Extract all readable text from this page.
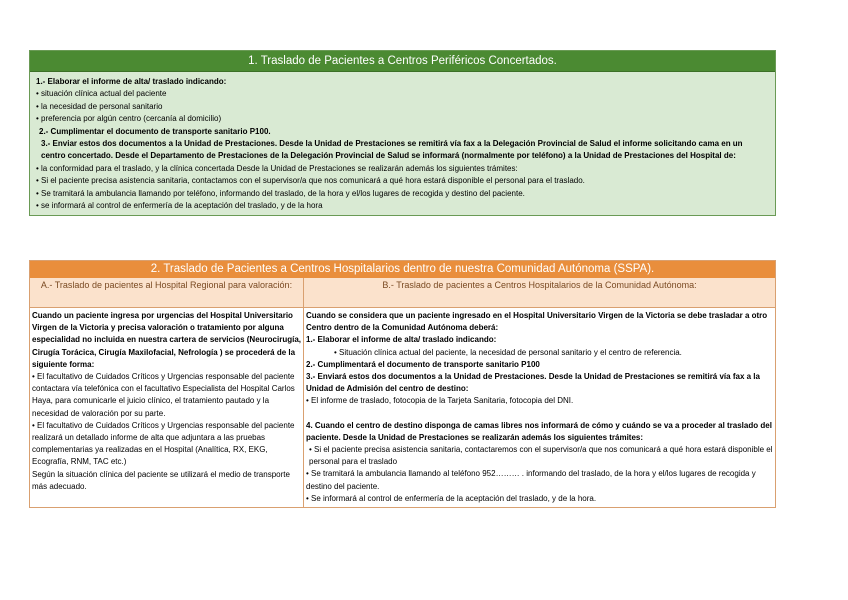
1. Traslado de Pacientes a Centros Periféricos Concertados.
1.- Elaborar el informe de alta/ traslado indicando:
• situación clínica actual del paciente
• la necesidad de personal sanitario
• preferencia por algún centro (cercanía al domicilio)
2.- Cumplimentar el documento de transporte sanitario P100.
3.- Enviar estos dos documentos a la Unidad de Prestaciones. Desde la Unidad de Prestaciones se remitirá vía fax a la Delegación Provincial de Salud el informe solicitando cama en un centro concertado. Desde el Departamento de Prestaciones de la Delegación Provincial de Salud se informará (normalmente por teléfono) a la Unidad de Prestaciones del Hospital de:
• la conformidad para el traslado, y la clínica concertada Desde la Unidad de Prestaciones se realizarán además los siguientes trámites:
• Si el paciente precisa asistencia sanitaria, contactamos con el supervisor/a que nos comunicará a qué hora estará disponible el personal para el traslado.
• Se tramitará la ambulancia llamando por teléfono, informando del traslado, de la hora y el/los lugares de recogida y destino del paciente.
• se informará al control de enfermería de la aceptación del traslado, y de la hora
2. Traslado de Pacientes a Centros Hospitalarios dentro de nuestra Comunidad Autónoma (SSPA).
A.- Traslado de pacientes al Hospital Regional para valoración:
Cuando un paciente ingresa por urgencias del Hospital Universitario Virgen de la Victoria y precisa valoración o tratamiento por alguna especialidad no incluida en nuestra cartera de servicios (Neurocirugía, Cirugía Torácica, Cirugía Maxilofacial, Nefrología ) se procederá de la siguiente forma:
• El facultativo de Cuidados Críticos y Urgencias responsable del paciente contactara vía telefónica con el facultativo Especialista del Hospital Carlos Haya, para comunicarle el juicio clínico, el tratamiento pautado y la necesidad de valoración por su parte.
• El facultativo de Cuidados Críticos y Urgencias responsable del paciente realizará un detallado informe de alta que adjuntara a las pruebas complementarias ya realizadas en el Hospital (Analítica, RX, EKG, Ecografía, RNM, TAC etc.)
Según la situación clínica del paciente se utilizará el medio de transporte más adecuado.
B.- Traslado de pacientes a Centros Hospitalarios de la Comunidad Autónoma:
Cuando se considera que un paciente ingresado en el Hospital Universitario Virgen de la Victoria se debe trasladar a otro Centro dentro de la Comunidad Autónoma deberá:
1.- Elaborar el informe de alta/ traslado indicando:
• Situación clínica actual del paciente, la necesidad de personal sanitario y el centro de referencia.
2.- Cumplimentará el documento de transporte sanitario P100
3.- Enviará estos dos documentos a la Unidad de Prestaciones. Desde la Unidad de Prestaciones se remitirá vía fax a la Unidad de Admisión del centro de destino:
• El informe de traslado, fotocopia de la Tarjeta Sanitaria, fotocopia del DNI.
4. Cuando el centro de destino disponga de camas libres nos informará de cómo y cuándo se va a proceder al traslado del paciente. Desde la Unidad de Prestaciones se realizarán además los siguientes trámites:
• Si el paciente precisa asistencia sanitaria, contactaremos con el supervisor/a que nos comunicará a qué hora estará disponible el personal para el traslado
• Se tramitará la ambulancia llamando al teléfono 952……… . informando del traslado, de la hora y el/los lugares de recogida y destino del paciente.
• Se informará al control de enfermería de la aceptación del traslado, y de la hora.
